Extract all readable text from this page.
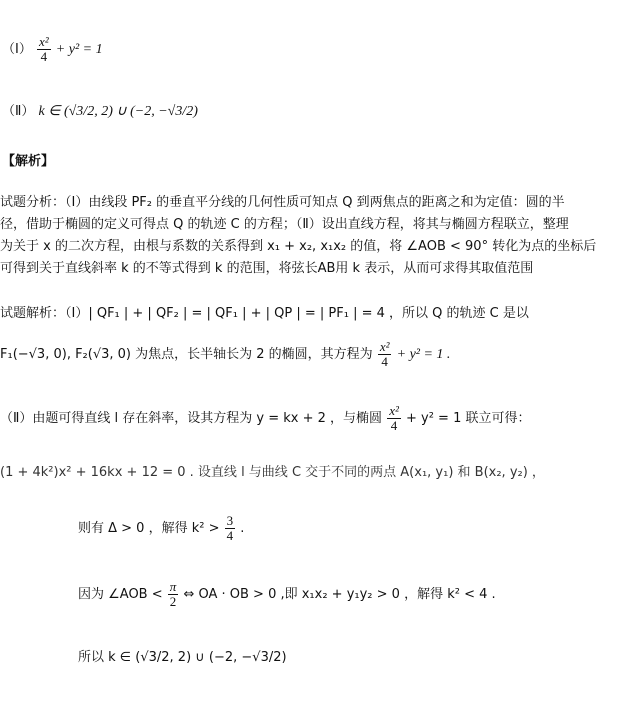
（Ⅰ） $\frac{\text{x²}}{4} + y^2 = 1$
（Ⅱ） k ∈ (√3/2, 2) ∪ (−2, −√3/2)
【解析】
试题分析：（Ⅰ）由线段 PF₂ 的垂直平分线的几何性质可知点 Q 到两焦点的距离之和为定值：圆的半
径，借助于椭圆的定义可得点 Q 的轨迹 C 的方程；（Ⅱ）设出直线方程，将其与椭圆方程联立，整理
为关于 x 的二次方程，由根与系数的关系得到 x₁ + x₂, x₁x₂ 的值，将 ∠AOB < 90° 转化为点的坐标后
可得到关于直线斜率 k 的不等式得到 k 的范围，将弦长AB用 k 表示，从而可求得其取值范围
试题解析：（Ⅰ）| QF₁ | + | QF₂ | = | QF₁ | + | QP | = | PF₁ | = 4 ，所以 Q 的轨迹 C 是以
F₁(−√3, 0), F₂(√3, 0) 为焦点，长半轴长为 2 的椭圆，其方程为 $\frac{\text{x²}}{4} + y^2 = 1$ .
（Ⅱ）由题可得直线 l 存在斜率，设其方程为 y = kx + 2 ，与椭圆 $\frac{\text{x²}}{4} + y^2 = 1$ 联立可得：
(1 + 4k²)x² + 16kx + 12 = 0 . 设直线 l 与曲线 C 交于不同的两点 A(x₁, y₁) 和 B(x₂, y₂) ，
则有 Δ > 0 ，解得 $k^2 > \frac{3}{4}$ .
因为 ∠AOB < $\frac{\pi}{2}$ ⇔ OA · OB > 0 ,即 x₁x₂ + y₁y₂ > 0 ，解得 k² < 4 .
所以 k ∈ (√3/2, 2) ∪ (−2, −√3/2)
